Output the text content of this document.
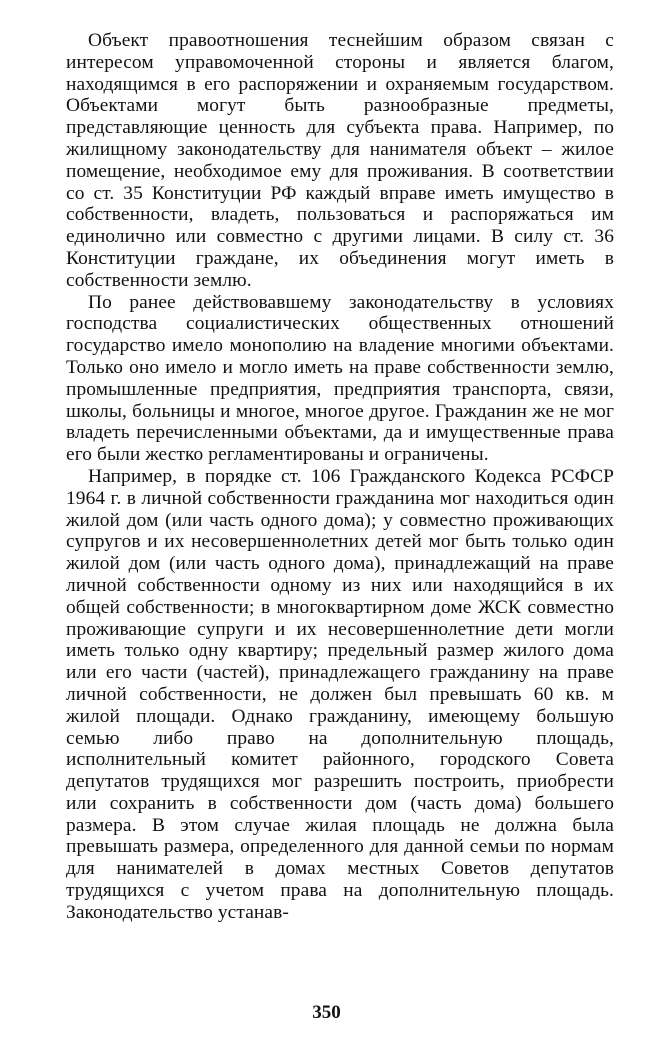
Объект правоотношения теснейшим образом связан с интересом управомоченной стороны и является благом, находящимся в его распоряжении и охраняемым государством. Объектами могут быть разнообразные предметы, представляющие ценность для субъекта права. Например, по жилищному законодательству для нанимателя объект – жилое помещение, необходимое ему для проживания. В соответствии со ст. 35 Конституции РФ каждый вправе иметь имущество в собственности, владеть, пользоваться и распоряжаться им единолично или совместно с другими лицами. В силу ст. 36 Конституции граждане, их объединения могут иметь в собственности землю.

По ранее действовавшему законодательству в условиях господства социалистических общественных отношений государство имело монополию на владение многими объектами. Только оно имело и могло иметь на праве собственности землю, промышленные предприятия, предприятия транспорта, связи, школы, больницы и многое, многое другое. Гражданин же не мог владеть перечисленными объектами, да и имущественные права его были жестко регламентированы и ограничены.

Например, в порядке ст. 106 Гражданского Кодекса РСФСР 1964 г. в личной собственности гражданина мог находиться один жилой дом (или часть одного дома); у совместно проживающих супругов и их несовершеннолетних детей мог быть только один жилой дом (или часть одного дома), принадлежащий на праве личной собственности одному из них или находящийся в их общей собственности; в многоквартирном доме ЖСК совместно проживающие супруги и их несовершеннолетние дети могли иметь только одну квартиру; предельный размер жилого дома или его части (частей), принадлежащего гражданину на праве личной собственности, не должен был превышать 60 кв. м жилой площади. Однако гражданину, имеющему большую семью либо право на дополнительную площадь, исполнительный комитет районного, городского Совета депутатов трудящихся мог разрешить построить, приобрести или сохранить в собственности дом (часть дома) большего размера. В этом случае жилая площадь не должна была превышать размера, определенного для данной семьи по нормам для нанимателей в домах местных Советов депутатов трудящихся с учетом права на дополнительную площадь. Законодательство устанав-

350
